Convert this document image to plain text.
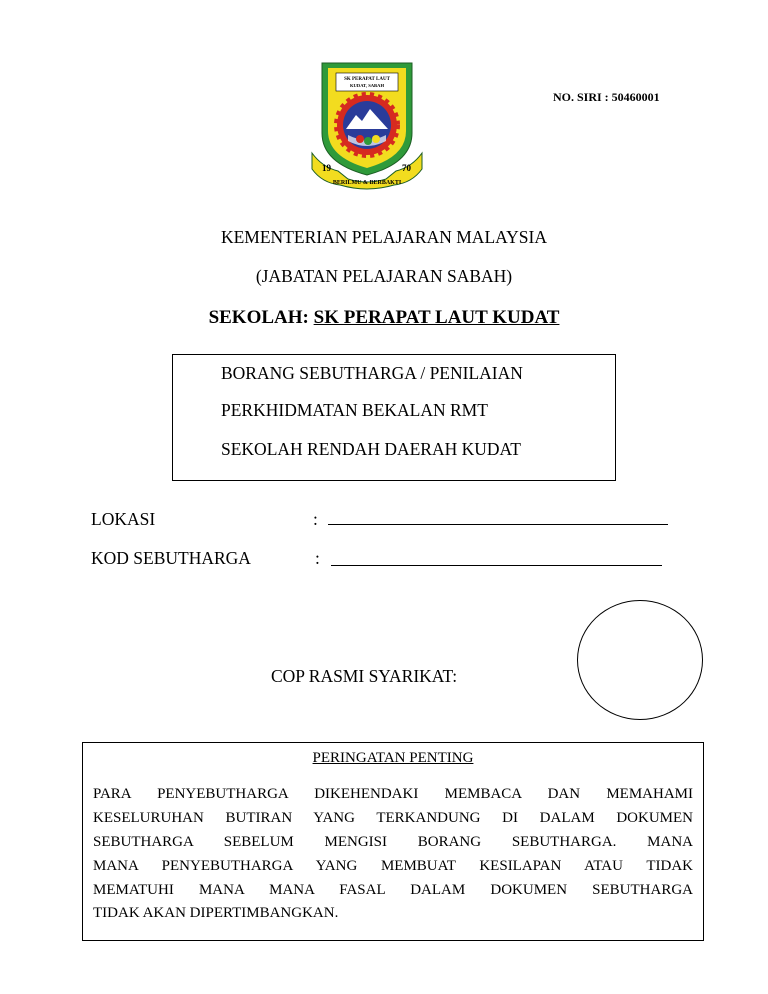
SK PERAPAT LAUT
KUDAT, SABAH
19	70
BERILMU & BERBAKTI
NO. SIRI : 50460001
KEMENTERIAN PELAJARAN MALAYSIA
(JABATAN PELAJARAN SABAH)
SEKOLAH: SK PERAPAT LAUT KUDAT
BORANG SEBUTHARGA / PENILAIAN
PERKHIDMATAN BEKALAN RMT
SEKOLAH RENDAH DAERAH KUDAT
LOKASI	:
KOD SEBUTHARGA	:
COP RASMI SYARIKAT:
PERINGATAN PENTING
PARA PENYEBUTHARGA DIKEHENDAKI MEMBACA DAN MEMAHAMI
KESELURUHAN BUTIRAN YANG TERKANDUNG DI DALAM DOKUMEN
SEBUTHARGA SEBELUM MENGISI BORANG SEBUTHARGA. MANA
MANA PENYEBUTHARGA YANG MEMBUAT KESILAPAN ATAU TIDAK
MEMATUHI MANA MANA FASAL DALAM DOKUMEN SEBUTHARGA
TIDAK AKAN DIPERTIMBANGKAN.
